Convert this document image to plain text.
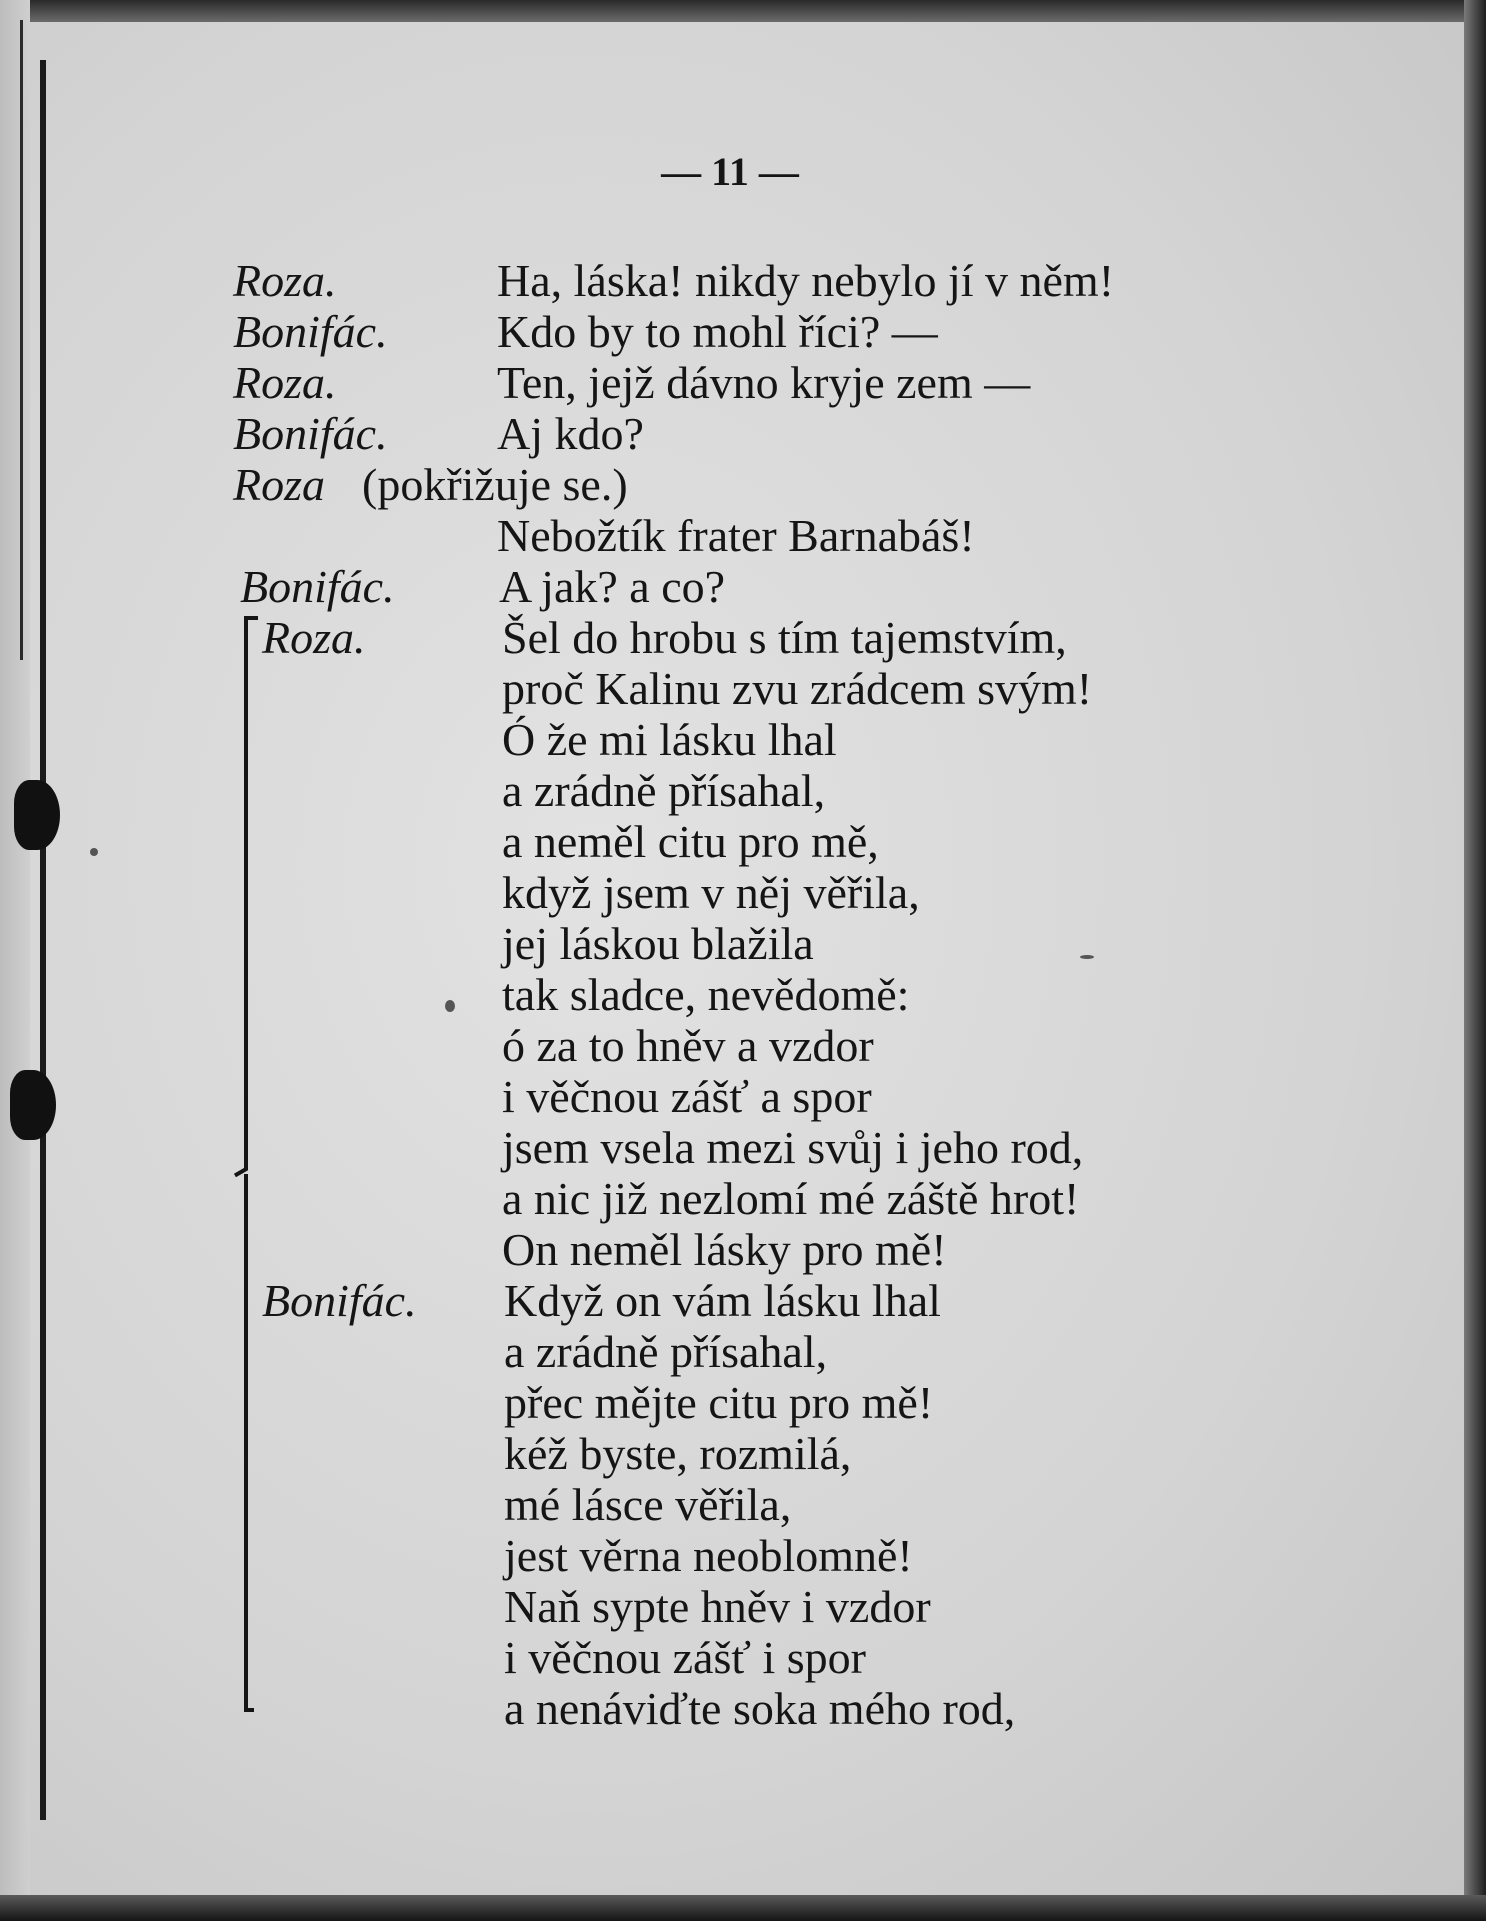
— 11 —
Roza.	Ha, láska! nikdy nebylo jí v něm!
Bonifác. Kdo by to mohl říci? —
Roza.	Ten, jejž dávno kryje zem —
Bonifác. Aj kdo?
Roza (pokřižuje se.)
Nebožtík frater Barnabáš!
Bonifác. A jak? a co?
Roza.	Šel do hrobu s tím tajemstvím,
proč Kalinu zvu zrádcem svým!
Ó že mi lásku lhal
a zrádně přísahal,
a neměl citu pro mě,
když jsem v něj věřila,
jej láskou blažila
tak sladce, nevědomě:
ó za to hněv a vzdor
i věčnou zášť a spor
jsem vsela mezi svůj i jeho rod,
a nic již nezlomí mé záště hrot!
On neměl lásky pro mě!
Bonifác. Když on vám lásku lhal
a zrádně přísahal,
přec mějte citu pro mě!
kéž byste, rozmilá,
mé lásce věřila,
jest věrna neoblomně!
Naň sypte hněv i vzdor
i věčnou zášť i spor
a nenáviďte soka mého rod,
